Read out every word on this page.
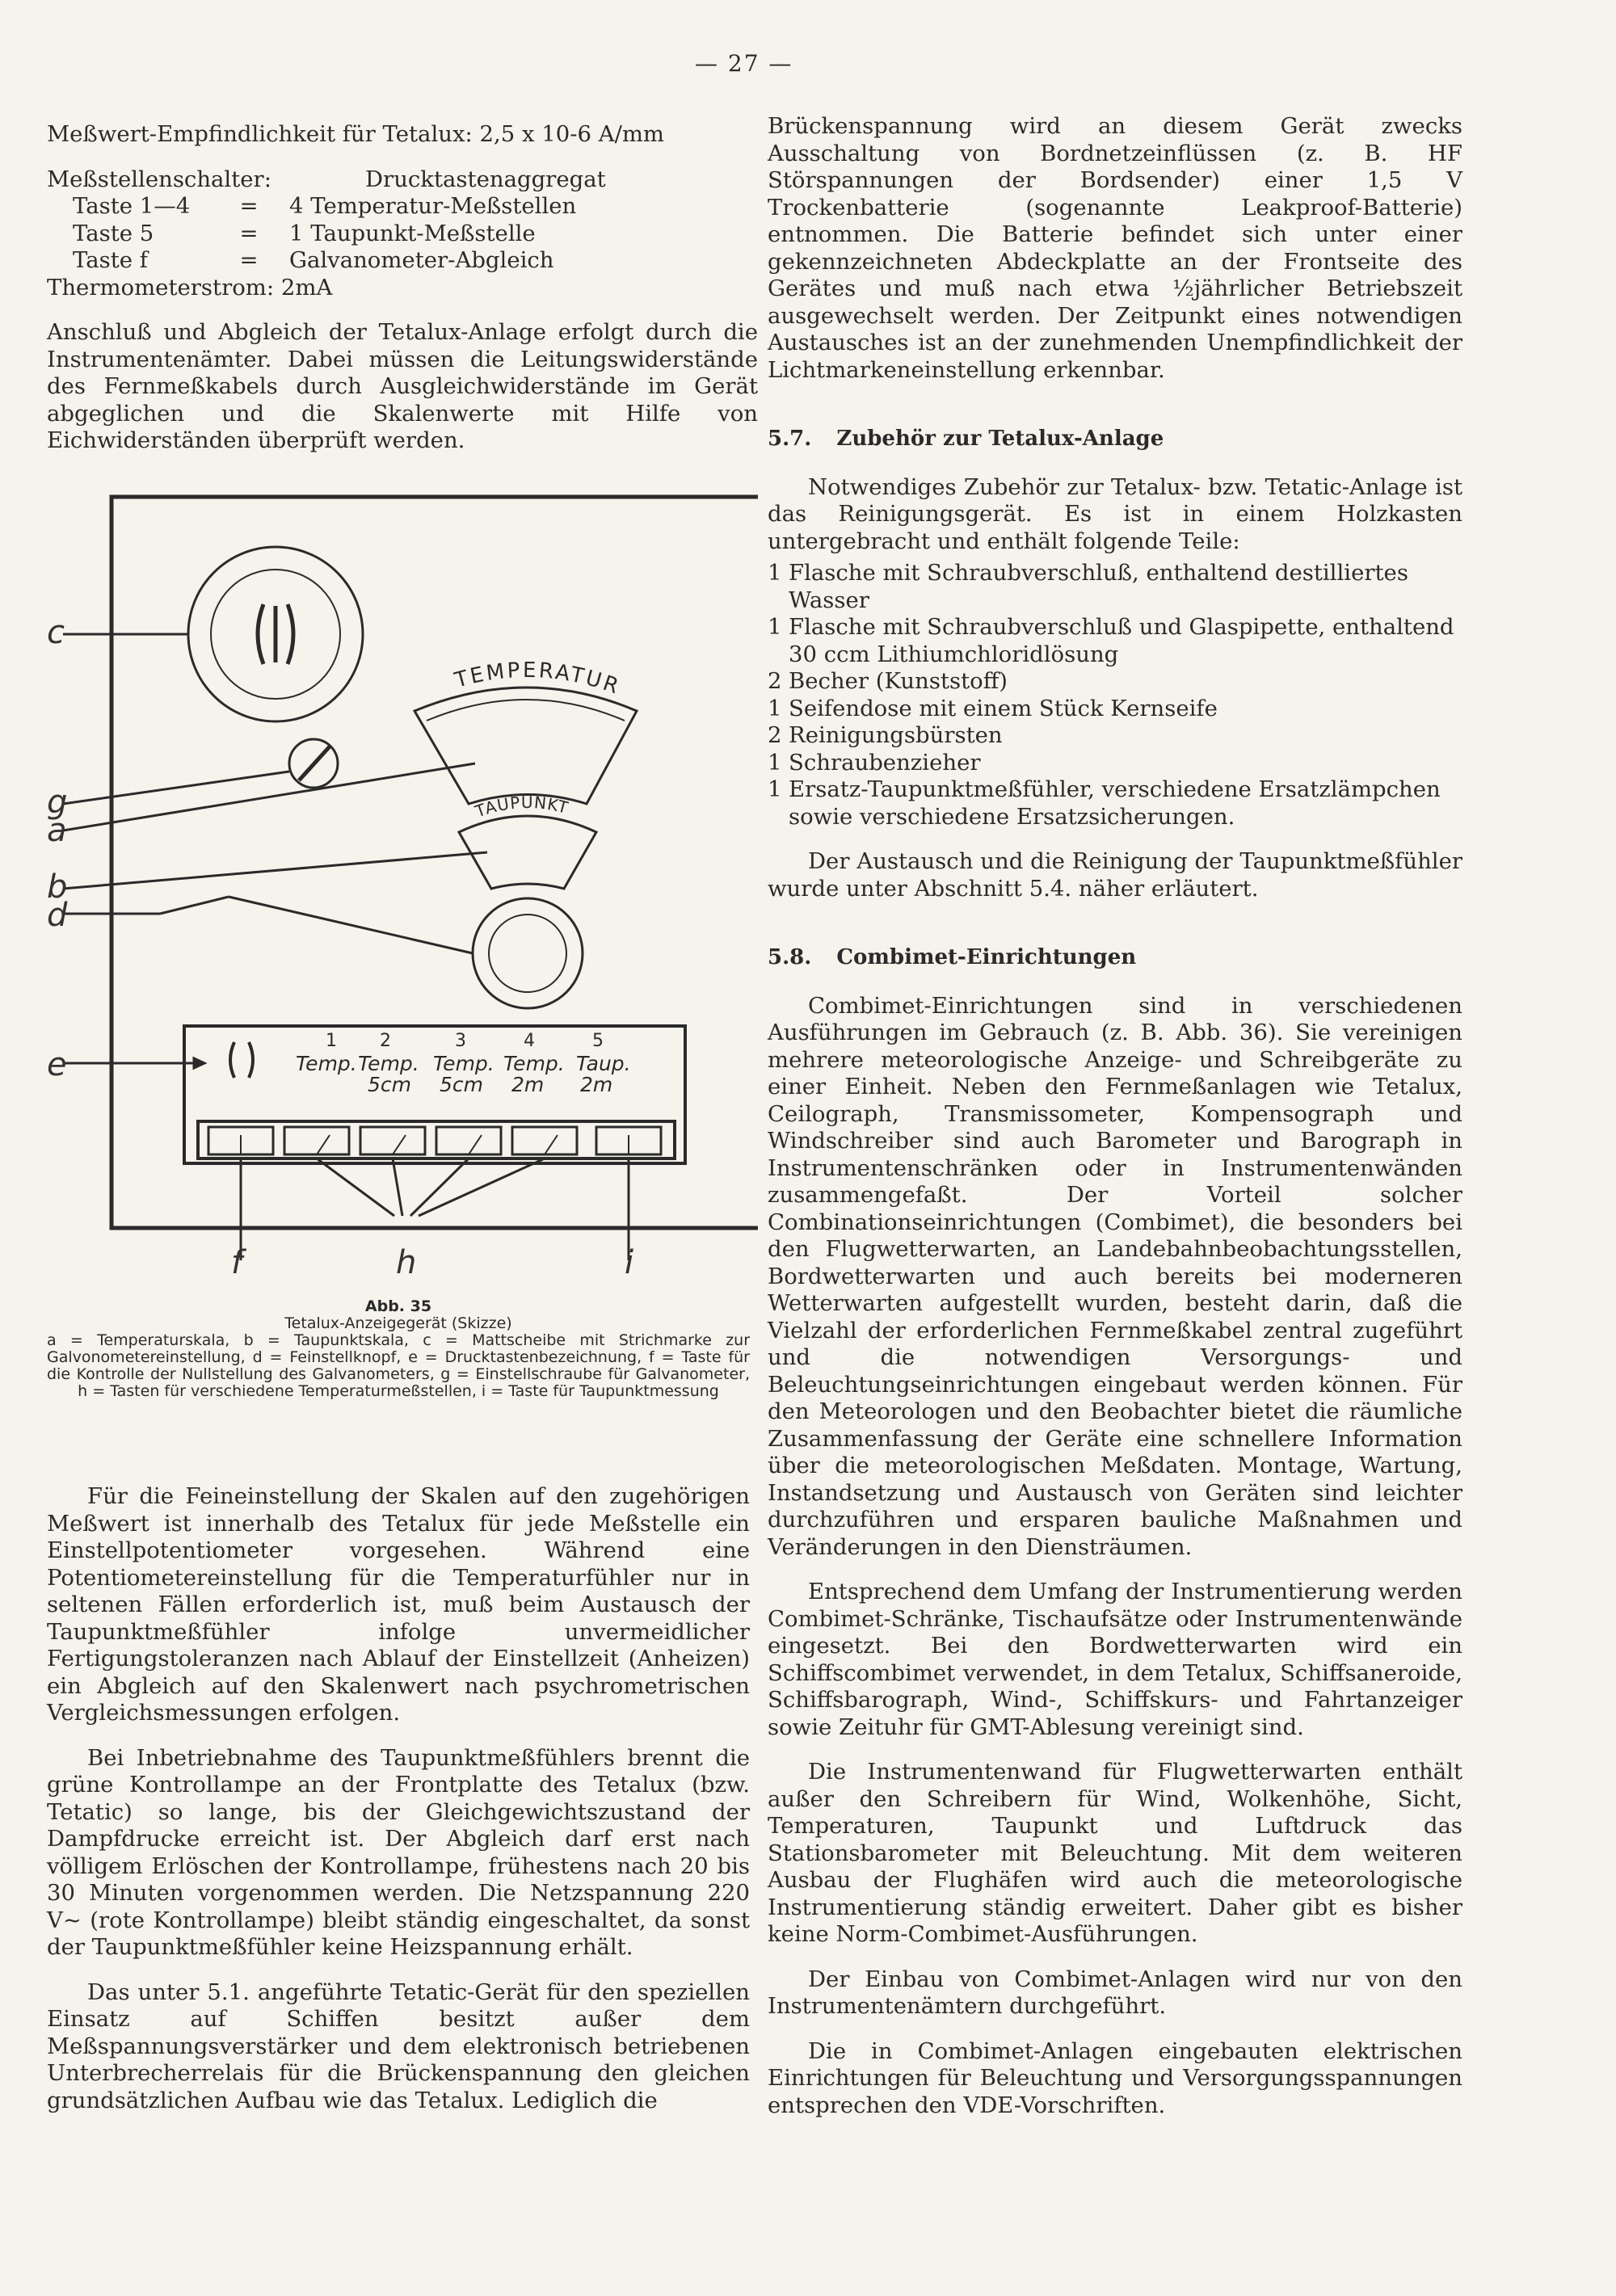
— 27 —

Meßwert-Empfindlichkeit für Tetalux: 2,5 x 10-6 A/mm

Meßstellenschalter:	Drucktastenaggregat
Taste 1—4	=	4 Temperatur-Meßstellen
Taste 5	=	1 Taupunkt-Meßstelle
Taste f	=	Galvanometer-Abgleich

Thermometerstrom: 2mA

Anschluß und Abgleich der Tetalux-Anlage erfolgt durch die Instrumentenämter. Dabei müssen die Leitungswiderstände des Fernmeßkabels durch Ausgleichwiderstände im Gerät abgeglichen und die Skalenwerte mit Hilfe von Eichwiderständen überprüft werden.

TEMPERATUR
TAUPUNKT
c
g
a
b
d
e
f	h	i
1 2	3	4	5
Temp. Temp.
5cm
Temp.
5cm
Temp.
2m
Taup.
2m
Abb. 35
Tetalux-Anzeigegerät (Skizze)
a = Temperaturskala, b = Taupunktskala, c = Mattscheibe mit Strichmarke zur Galvonometereinstellung, d = Feinstellknopf, e = Drucktastenbezeichnung, f = Taste für die Kontrolle der Nullstellung des Galvanometers, g = Einstellschraube für Galvanometer, h = Tasten für verschiedene Temperaturmeßstellen, i = Taste für Taupunktmessung

Für die Feineinstellung der Skalen auf den zugehörigen Meßwert ist innerhalb des Tetalux für jede Meßstelle ein Einstellpotentiometer vorgesehen. Während eine Potentiometereinstellung für die Temperaturfühler nur in seltenen Fällen erforderlich ist, muß beim Austausch der Taupunktmeßfühler infolge unvermeidlicher Fertigungstoleranzen nach Ablauf der Einstellzeit (Anheizen) ein Abgleich auf den Skalenwert nach psychrometrischen Vergleichsmessungen erfolgen.

Bei Inbetriebnahme des Taupunktmeßfühlers brennt die grüne Kontrollampe an der Frontplatte des Tetalux (bzw. Tetatic) so lange, bis der Gleichgewichtszustand der Dampfdrucke erreicht ist. Der Abgleich darf erst nach völligem Erlöschen der Kontrollampe, frühestens nach 20 bis 30 Minuten vorgenommen werden. Die Netzspannung 220 V~ (rote Kontrollampe) bleibt ständig eingeschaltet, da sonst der Taupunktmeßfühler keine Heizspannung erhält.

Das unter 5.1. angeführte Tetatic-Gerät für den speziellen Einsatz auf Schiffen besitzt außer dem Meßspannungsverstärker und dem elektronisch betriebenen Unterbrecherrelais für die Brückenspannung den gleichen grundsätzlichen Aufbau wie das Tetalux. Lediglich die

Brückenspannung wird an diesem Gerät zwecks Ausschaltung von Bordnetzeinflüssen (z. B. HF Störspannungen der Bordsender) einer 1,5 V Trockenbatterie (sogenannte Leakproof-Batterie) entnommen. Die Batterie befindet sich unter einer gekennzeichneten Abdeckplatte an der Frontseite des Gerätes und muß nach etwa ½jährlicher Betriebszeit ausgewechselt werden. Der Zeitpunkt eines notwendigen Austausches ist an der zunehmenden Unempfindlichkeit der Lichtmarkeneinstellung erkennbar.

5.7. Zubehör zur Tetalux-Anlage

Notwendiges Zubehör zur Tetalux- bzw. Tetatic-Anlage ist das Reinigungsgerät. Es ist in einem Holzkasten untergebracht und enthält folgende Teile:

1 Flasche mit Schraubverschluß, enthaltend destilliertes Wasser
1 Flasche mit Schraubverschluß und Glaspipette, enthaltend 30 ccm Lithiumchloridlösung
2 Becher (Kunststoff)
1 Seifendose mit einem Stück Kernseife
2 Reinigungsbürsten
1 Schraubenzieher
1 Ersatz-Taupunktmeßfühler, verschiedene Ersatzlämpchen sowie verschiedene Ersatzsicherungen.

Der Austausch und die Reinigung der Taupunktmeßfühler wurde unter Abschnitt 5.4. näher erläutert.

5.8. Combimet-Einrichtungen

Combimet-Einrichtungen sind in verschiedenen Ausführungen im Gebrauch (z. B. Abb. 36). Sie vereinigen mehrere meteorologische Anzeige- und Schreibgeräte zu einer Einheit. Neben den Fernmeßanlagen wie Tetalux, Ceilograph, Transmissometer, Kompensograph und Windschreiber sind auch Barometer und Barograph in Instrumentenschränken oder in Instrumentenwänden zusammengefaßt. Der Vorteil solcher Combinationseinrichtungen (Combimet), die besonders bei den Flugwetterwarten, an Landebahnbeobachtungsstellen, Bordwetterwarten und auch bereits bei moderneren Wetterwarten aufgestellt wurden, besteht darin, daß die Vielzahl der erforderlichen Fernmeßkabel zentral zugeführt und die notwendigen Versorgungs- und Beleuchtungseinrichtungen eingebaut werden können. Für den Meteorologen und den Beobachter bietet die räumliche Zusammenfassung der Geräte eine schnellere Information über die meteorologischen Meßdaten. Montage, Wartung, Instandsetzung und Austausch von Geräten sind leichter durchzuführen und ersparen bauliche Maßnahmen und Veränderungen in den Diensträumen.

Entsprechend dem Umfang der Instrumentierung werden Combimet-Schränke, Tischaufsätze oder Instrumentenwände eingesetzt. Bei den Bordwetterwarten wird ein Schiffscombimet verwendet, in dem Tetalux, Schiffsaneroide, Schiffsbarograph, Wind-, Schiffskurs- und Fahrtanzeiger sowie Zeituhr für GMT-Ablesung vereinigt sind.

Die Instrumentenwand für Flugwetterwarten enthält außer den Schreibern für Wind, Wolkenhöhe, Sicht, Temperaturen, Taupunkt und Luftdruck das Stationsbarometer mit Beleuchtung. Mit dem weiteren Ausbau der Flughäfen wird auch die meteorologische Instrumentierung ständig erweitert. Daher gibt es bisher keine Norm-Combimet-Ausführungen.

Der Einbau von Combimet-Anlagen wird nur von den Instrumentenämtern durchgeführt.

Die in Combimet-Anlagen eingebauten elektrischen Einrichtungen für Beleuchtung und Versorgungsspannungen entsprechen den VDE-Vorschriften.
